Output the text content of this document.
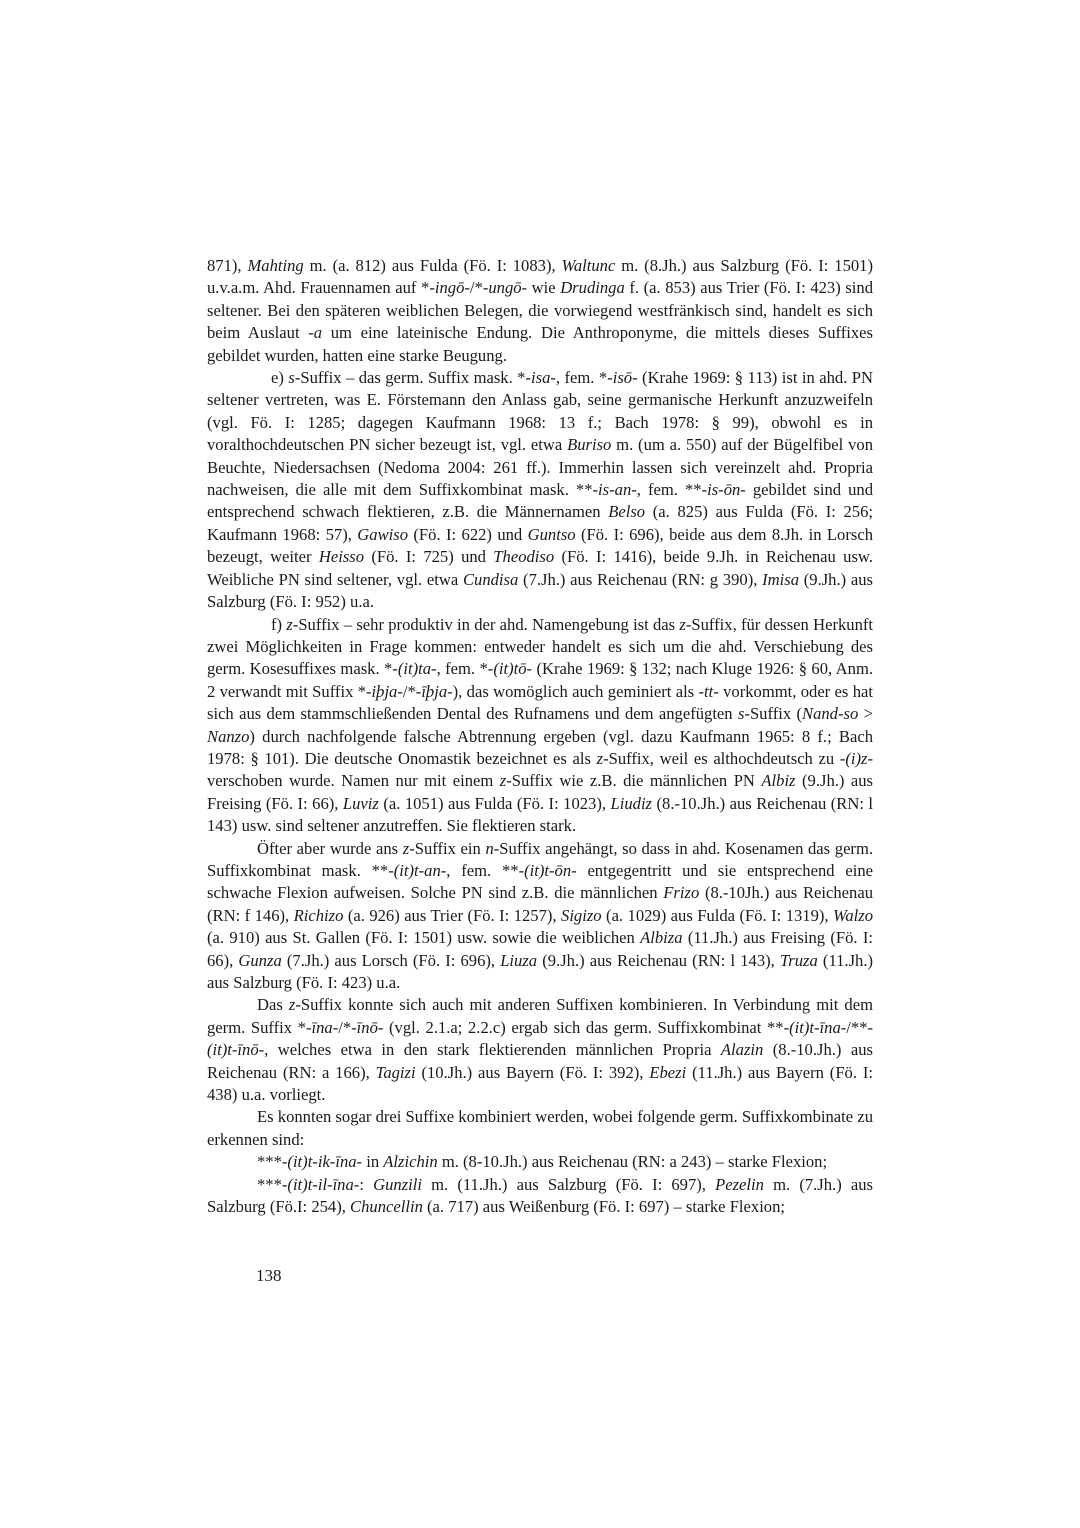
871), Mahting m. (a. 812) aus Fulda (Fö. I: 1083), Waltunc m. (8.Jh.) aus Salzburg (Fö. I: 1501) u.v.a.m. Ahd. Frauennamen auf *-ingō-/*-ungō- wie Drudinga f. (a. 853) aus Trier (Fö. I: 423) sind seltener. Bei den späteren weiblichen Belegen, die vorwiegend westfränkisch sind, handelt es sich beim Auslaut -a um eine lateinische Endung. Die Anthroponyme, die mittels dieses Suffixes gebildet wurden, hatten eine starke Beugung.

e) s-Suffix – das germ. Suffix mask. *-isa-, fem. *-isō- (Krahe 1969: § 113) ist in ahd. PN seltener vertreten, was E. Förstemann den Anlass gab, seine germanische Herkunft anzuzweifeln (vgl. Fö. I: 1285; dagegen Kaufmann 1968: 13 f.; Bach 1978: § 99), obwohl es in voralthochdeutschen PN sicher bezeugt ist, vgl. etwa Buriso m. (um a. 550) auf der Bügelfibel von Beuchte, Niedersachsen (Nedoma 2004: 261 ff.). Immerhin lassen sich vereinzelt ahd. Propria nachweisen, die alle mit dem Suffixkombinat mask. **-is-an-, fem. **-is-ōn- gebildet sind und entsprechend schwach flektieren, z.B. die Männernamen Belso (a. 825) aus Fulda (Fö. I: 256; Kaufmann 1968: 57), Gawiso (Fö. I: 622) und Guntso (Fö. I: 696), beide aus dem 8.Jh. in Lorsch bezeugt, weiter Heisso (Fö. I: 725) und Theodiso (Fö. I: 1416), beide 9.Jh. in Reichenau usw. Weibliche PN sind seltener, vgl. etwa Cundisa (7.Jh.) aus Reichenau (RN: g 390), Imisa (9.Jh.) aus Salzburg (Fö. I: 952) u.a.

f) z-Suffix – sehr produktiv in der ahd. Namengebung ist das z-Suffix, für dessen Herkunft zwei Möglichkeiten in Frage kommen: entweder handelt es sich um die ahd. Verschiebung des germ. Kosesuffixes mask. *-(it)ta-, fem. *-(it)tō- (Krahe 1969: § 132; nach Kluge 1926: § 60, Anm. 2 verwandt mit Suffix *-iþja-/*-īþja-), das womöglich auch geminiert als -tt- vorkommt, oder es hat sich aus dem stammschließenden Dental des Rufnamens und dem angefügten s-Suffix (Nand-so > Nanzo) durch nachfolgende falsche Abtrennung ergeben (vgl. dazu Kaufmann 1965: 8 f.; Bach 1978: § 101). Die deutsche Onomastik bezeichnet es als z-Suffix, weil es althochdeutsch zu -(i)z- verschoben wurde. Namen nur mit einem z-Suffix wie z.B. die männlichen PN Albiz (9.Jh.) aus Freising (Fö. I: 66), Luviz (a. 1051) aus Fulda (Fö. I: 1023), Liudiz (8.-10.Jh.) aus Reichenau (RN: l 143) usw. sind seltener anzutreffen. Sie flektieren stark.

Öfter aber wurde ans z-Suffix ein n-Suffix angehängt, so dass in ahd. Kosenamen das germ. Suffixkombinat mask. **-(it)t-an-, fem. **-(it)t-ōn- entgegentritt und sie entsprechend eine schwache Flexion aufweisen. Solche PN sind z.B. die männlichen Frizo (8.-10Jh.) aus Reichenau (RN: f 146), Richizo (a. 926) aus Trier (Fö. I: 1257), Sigizo (a. 1029) aus Fulda (Fö. I: 1319), Walzo (a. 910) aus St. Gallen (Fö. I: 1501) usw. sowie die weiblichen Albiza (11.Jh.) aus Freising (Fö. I: 66), Gunza (7.Jh.) aus Lorsch (Fö. I: 696), Liuza (9.Jh.) aus Reichenau (RN: l 143), Truza (11.Jh.) aus Salzburg (Fö. I: 423) u.a.

Das z-Suffix konnte sich auch mit anderen Suffixen kombinieren. In Verbindung mit dem germ. Suffix *-īna-/*-īnō- (vgl. 2.1.a; 2.2.c) ergab sich das germ. Suffixkombinat **-(it)t-īna-/**-(it)t-īnō-, welches etwa in den stark flektierenden männlichen Propria Alazin (8.-10.Jh.) aus Reichenau (RN: a 166), Tagizi (10.Jh.) aus Bayern (Fö. I: 392), Ebezi (11.Jh.) aus Bayern (Fö. I: 438) u.a. vorliegt.

Es konnten sogar drei Suffixe kombiniert werden, wobei folgende germ. Suffixkombinate zu erkennen sind:

***-(it)t-ik-īna- in Alzichin m. (8-10.Jh.) aus Reichenau (RN: a 243) – starke Flexion;

***-(it)t-il-īna-: Gunzili m. (11.Jh.) aus Salzburg (Fö. I: 697), Pezelin m. (7.Jh.) aus Salzburg (Fö.I: 254), Chuncellin (a. 717) aus Weißenburg (Fö. I: 697) – starke Flexion;

138
